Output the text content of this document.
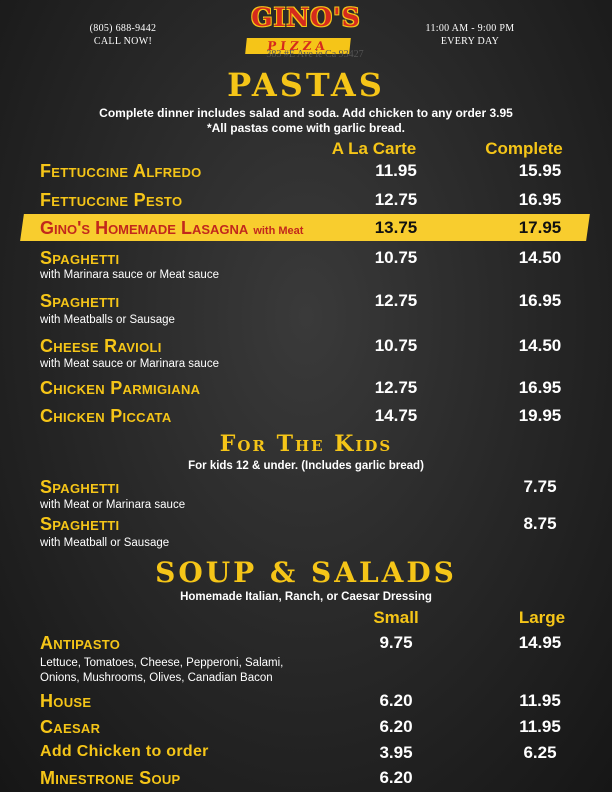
(805) 688-9442
CALL NOW!
GINO'S
PIZZA
11:00 AM - 9:00 PM
EVERY DAY
383 #E Ave ie Ca 93427
PASTAS
Complete dinner includes salad and soda. Add chicken to any order 3.95
*All pastas come with garlic bread.
A La Carte	Complete
Fettuccine Alfredo	11.95	15.95
Fettuccine Pesto	12.75	16.95
Gino's Homemade Lasagna with Meat	13.75	17.95
Spaghetti
with Marinara sauce or Meat sauce
10.75	14.50
Spaghetti
with Meatballs or Sausage
12.75	16.95
Cheese Ravioli
with Meat sauce or Marinara sauce
10.75	14.50
Chicken Parmigiana	12.75	16.95
Chicken Piccata	14.75	19.95
For The Kids
For kids 12 & under. (Includes garlic bread)
Spaghetti
with Meat or Marinara sauce
7.75
Spaghetti
with Meatball or Sausage
8.75
SOUP & SALADS
Homemade Italian, Ranch, or Caesar Dressing
Small	Large
Antipasto
Lettuce, Tomatoes, Cheese, Pepperoni, Salami,
Onions, Mushrooms, Olives, Canadian Bacon
9.75	14.95
House	6.20	11.95
Caesar	6.20	11.95
Add Chicken to order	3.95	6.25
Minestrone Soup	6.20
